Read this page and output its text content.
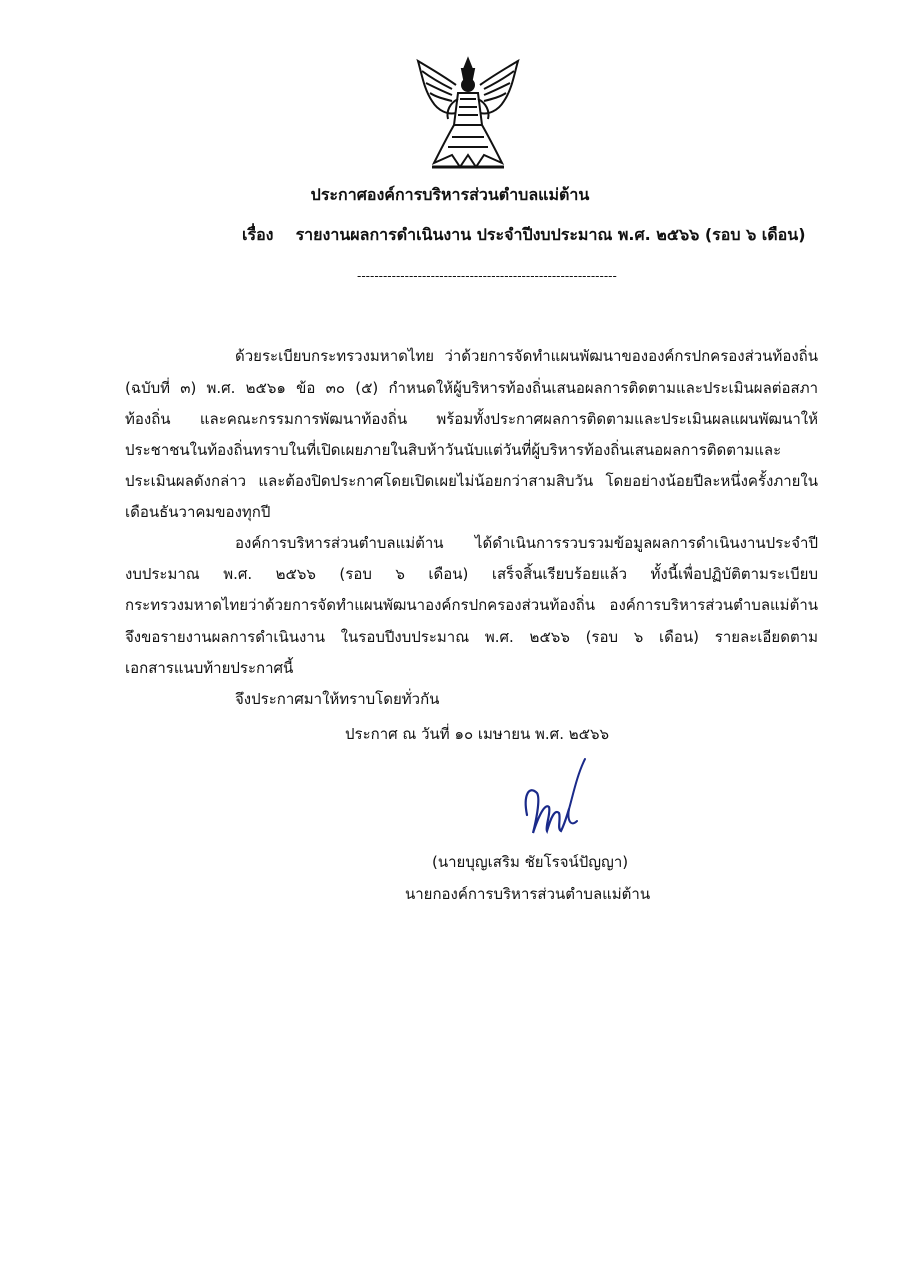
ประกาศองค์การบริหารส่วนตำบลแม่ต้าน
เรื่อง รายงานผลการดำเนินงาน ประจำปีงบประมาณ พ.ศ. ๒๕๖๖ (รอบ ๖ เดือน)
------------------------------------------------------------
ด้วยระเบียบกระทรวงมหาดไทย ว่าด้วยการจัดทำแผนพัฒนาขององค์กรปกครองส่วนท้องถิ่น
(ฉบับที่ ๓) พ.ศ. ๒๕๖๑ ข้อ ๓๐ (๕) กำหนดให้ผู้บริหารท้องถิ่นเสนอผลการติดตามและประเมินผลต่อสภา
ท้องถิ่น และคณะกรรมการพัฒนาท้องถิ่น พร้อมทั้งประกาศผลการติดตามและประเมินผลแผนพัฒนาให้
ประชาชนในท้องถิ่นทราบในที่เปิดเผยภายในสิบห้าวันนับแต่วันที่ผู้บริหารท้องถิ่นเสนอผลการติดตามและ
ประเมินผลดังกล่าว และต้องปิดประกาศโดยเปิดเผยไม่น้อยกว่าสามสิบวัน โดยอย่างน้อยปีละหนึ่งครั้งภายใน
เดือนธันวาคมของทุกปี
องค์การบริหารส่วนตำบลแม่ต้าน ได้ดำเนินการรวบรวมข้อมูลผลการดำเนินงานประจำปี
งบประมาณ พ.ศ. ๒๕๖๖ (รอบ ๖ เดือน) เสร็จสิ้นเรียบร้อยแล้ว ทั้งนี้เพื่อปฏิบัติตามระเบียบ
กระทรวงมหาดไทยว่าด้วยการจัดทำแผนพัฒนาองค์กรปกครองส่วนท้องถิ่น องค์การบริหารส่วนตำบลแม่ต้าน
จึงขอรายงานผลการดำเนินงาน ในรอบปีงบประมาณ พ.ศ. ๒๕๖๖ (รอบ ๖ เดือน) รายละเอียดตาม
เอกสารแนบท้ายประกาศนี้
จึงประกาศมาให้ทราบโดยทั่วกัน
ประกาศ ณ วันที่ ๑๐ เมษายน พ.ศ. ๒๕๖๖
(นายบุญเสริม ชัยโรจน์ปัญญา)
นายกองค์การบริหารส่วนตำบลแม่ต้าน
